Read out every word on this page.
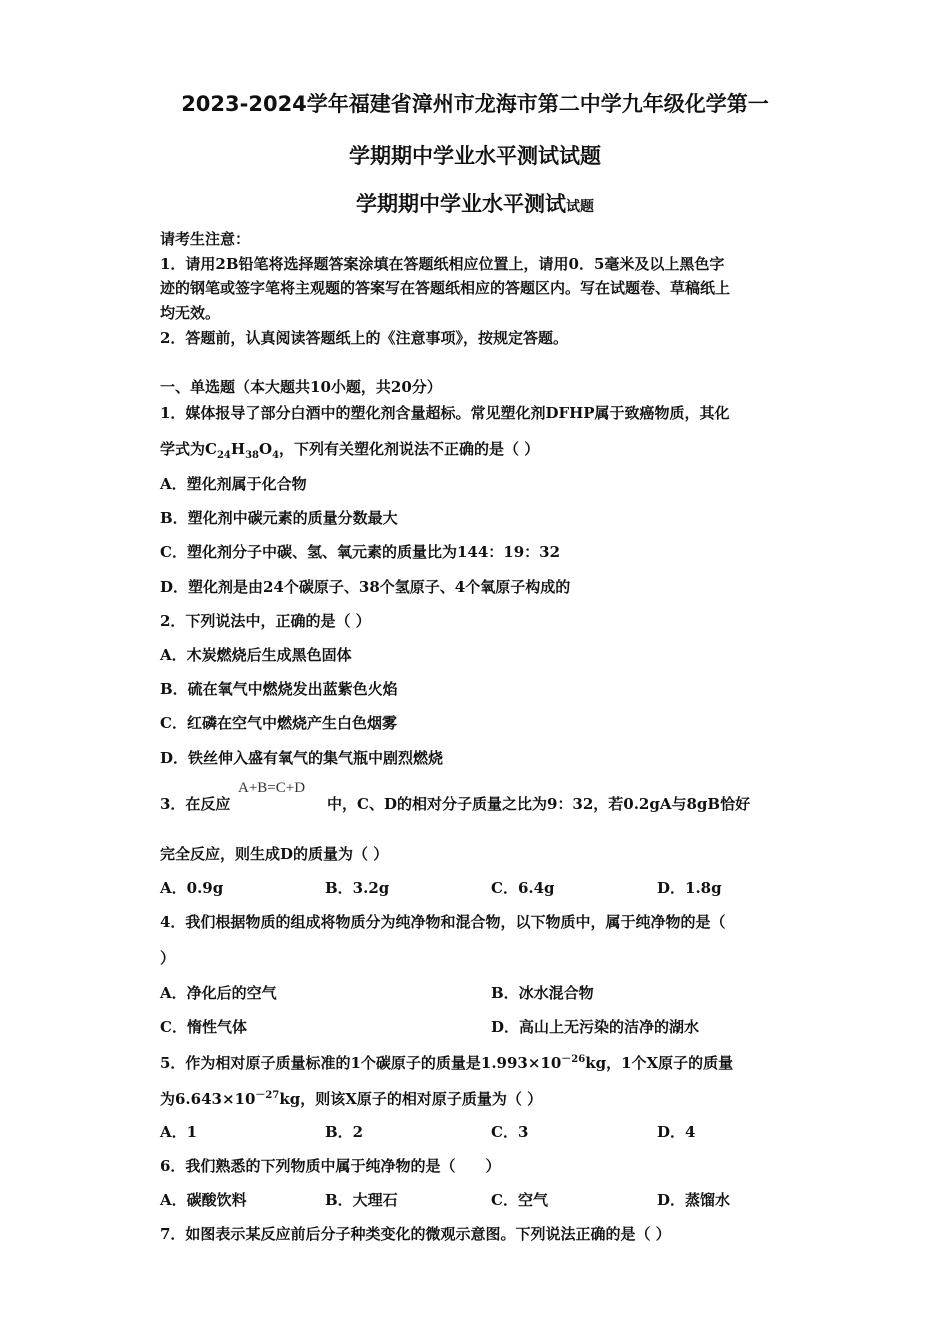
2023-2024学年福建省漳州市龙海市第二中学九年级化学第一
学期期中学业水平测试试题
学期期中学业水平测试试题
请考生注意：
1．请用2B铅笔将选择题答案涂填在答题纸相应位置上，请用0．5毫米及以上黑色字
迹的钢笔或签字笔将主观题的答案写在答题纸相应的答题区内。写在试题卷、草稿纸上
均无效。
2．答题前，认真阅读答题纸上的《注意事项》，按规定答题。
一、单选题（本大题共10小题，共20分）
1．媒体报导了部分白酒中的塑化剂含量超标。常见塑化剂DFHP属于致癌物质，其化
学式为$C_{24}H_{38}O_4$，下列有关塑化剂说法不正确的是（ ）
A．塑化剂属于化合物
B．塑化剂中碳元素的质量分数最大
C．塑化剂分子中碳、氢、氧元素的质量比为144：19：32
D．塑化剂是由24个碳原子、38个氢原子、4个氧原子构成的
2．下列说法中，正确的是（ ）
A．木炭燃烧后生成黑色固体
B．硫在氧气中燃烧发出蓝紫色火焰
C．红磷在空气中燃烧产生白色烟雾
D．铁丝伸入盛有氧气的集气瓶中剧烈燃烧
3．在反应
A+B=C+D
中，C、D的相对分子质量之比为9：32，若0.2gA与8gB恰好
完全反应，则生成D的质量为（ ）
A．0.9g	B．3.2g	C．6.4g	D．1.8g
4．我们根据物质的组成将物质分为纯净物和混合物，以下物质中，属于纯净物的是（
）
A．净化后的空气	B．冰水混合物
C．惰性气体	D．高山上无污染的洁净的湖水
5．作为相对原子质量标准的1个碳原子的质量是$1.993\times 10^{-26}kg$，1个X原子的质量
为$6.643\times 10^{-27}kg$，则该X原子的相对原子质量为（ ）
A．1	B．2	C．3	D．4
6．我们熟悉的下列物质中属于纯净物的是（　　）
A．碳酸饮料	B．大理石	C．空气	D．蒸馏水
7．如图表示某反应前后分子种类变化的微观示意图。下列说法正确的是（ ）
